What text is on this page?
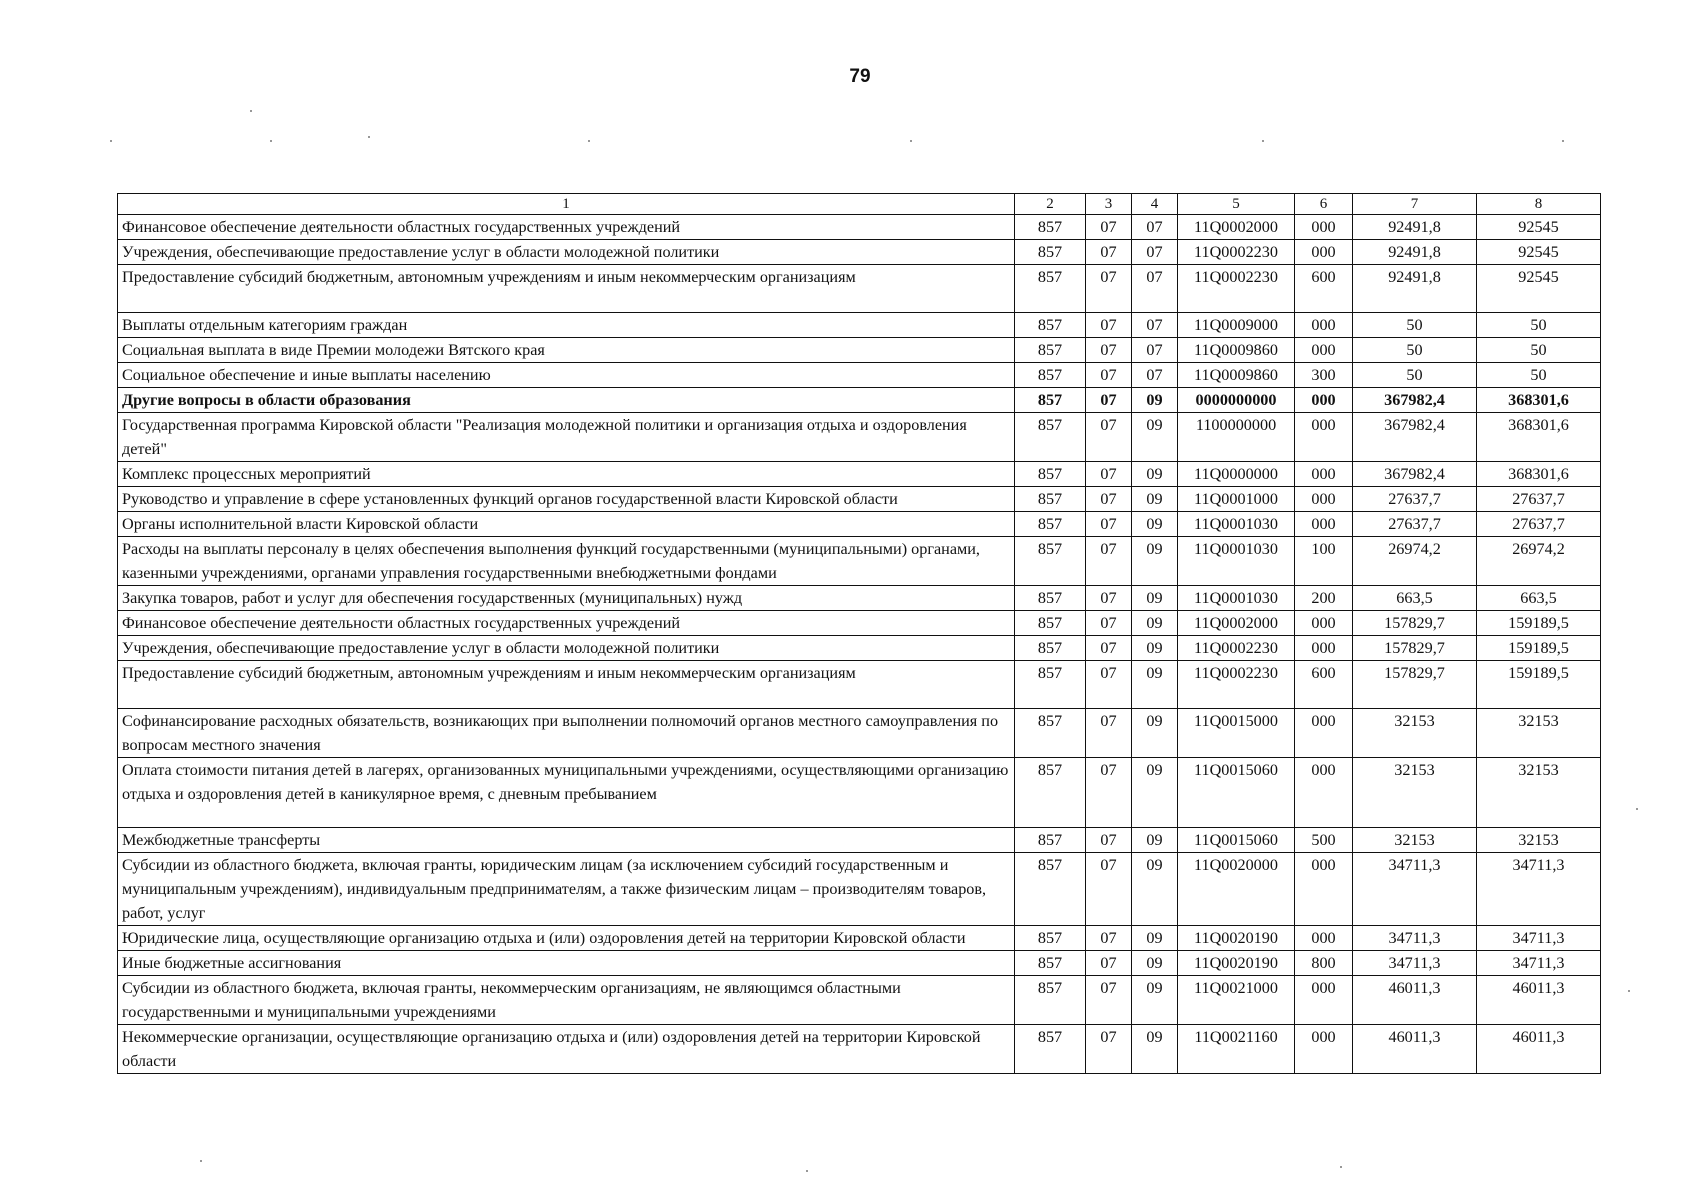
79
1	2	3	4	5	6	7	8
Финансовое обеспечение деятельности областных государственных учреждений	857	07	07	11Q0002000	000	92491,8	92545
Учреждения, обеспечивающие предоставление услуг в области молодежной политики	857	07	07	11Q0002230	000	92491,8	92545
Предоставление субсидий бюджетным, автономным учреждениям и иным некоммерческим организациям	857	07	07	11Q0002230	600	92491,8	92545
Выплаты отдельным категориям граждан	857	07	07	11Q0009000	000	50	50
Социальная выплата в виде Премии молодежи Вятского края	857	07	07	11Q0009860	000	50	50
Социальное обеспечение и иные выплаты населению	857	07	07	11Q0009860	300	50	50
Другие вопросы в области образования	857	07	09	0000000000	000	367982,4	368301,6
Государственная программа Кировской области "Реализация молодежной политики и организация отдыха и оздоровления детей"	857	07	09	1100000000	000	367982,4	368301,6
Комплекс процессных мероприятий	857	07	09	11Q0000000	000	367982,4	368301,6
Руководство и управление в сфере установленных функций органов государственной власти Кировской области	857	07	09	11Q0001000	000	27637,7	27637,7
Органы исполнительной власти Кировской области	857	07	09	11Q0001030	000	27637,7	27637,7
Расходы на выплаты персоналу в целях обеспечения выполнения функций государственными (муниципальными) органами, казенными учреждениями, органами управления государственными внебюджетными фондами	857	07	09	11Q0001030	100	26974,2	26974,2
Закупка товаров, работ и услуг для обеспечения государственных (муниципальных) нужд	857	07	09	11Q0001030	200	663,5	663,5
Финансовое обеспечение деятельности областных государственных учреждений	857	07	09	11Q0002000	000	157829,7	159189,5
Учреждения, обеспечивающие предоставление услуг в области молодежной политики	857	07	09	11Q0002230	000	157829,7	159189,5
Предоставление субсидий бюджетным, автономным учреждениям и иным некоммерческим организациям	857	07	09	11Q0002230	600	157829,7	159189,5
Софинансирование расходных обязательств, возникающих при выполнении полномочий органов местного самоуправления по вопросам местного значения	857	07	09	11Q0015000	000	32153	32153
Оплата стоимости питания детей в лагерях, организованных муниципальными учреждениями, осуществляющими организацию отдыха и оздоровления детей в каникулярное время, с дневным пребыванием	857	07	09	11Q0015060	000	32153	32153
Межбюджетные трансферты	857	07	09	11Q0015060	500	32153	32153
Субсидии из областного бюджета, включая гранты, юридическим лицам (за исключением субсидий государственным и муниципальным учреждениям), индивидуальным предпринимателям, а также физическим лицам – производителям товаров, работ, услуг	857	07	09	11Q0020000	000	34711,3	34711,3
Юридические лица, осуществляющие организацию отдыха и (или) оздоровления детей на территории Кировской области	857	07	09	11Q0020190	000	34711,3	34711,3
Иные бюджетные ассигнования	857	07	09	11Q0020190	800	34711,3	34711,3
Субсидии из областного бюджета, включая гранты, некоммерческим организациям, не являющимся областными государственными и муниципальными учреждениями	857	07	09	11Q0021000	000	46011,3	46011,3
Некоммерческие организации, осуществляющие организацию отдыха и (или) оздоровления детей на территории Кировской области	857	07	09	11Q0021160	000	46011,3	46011,3
